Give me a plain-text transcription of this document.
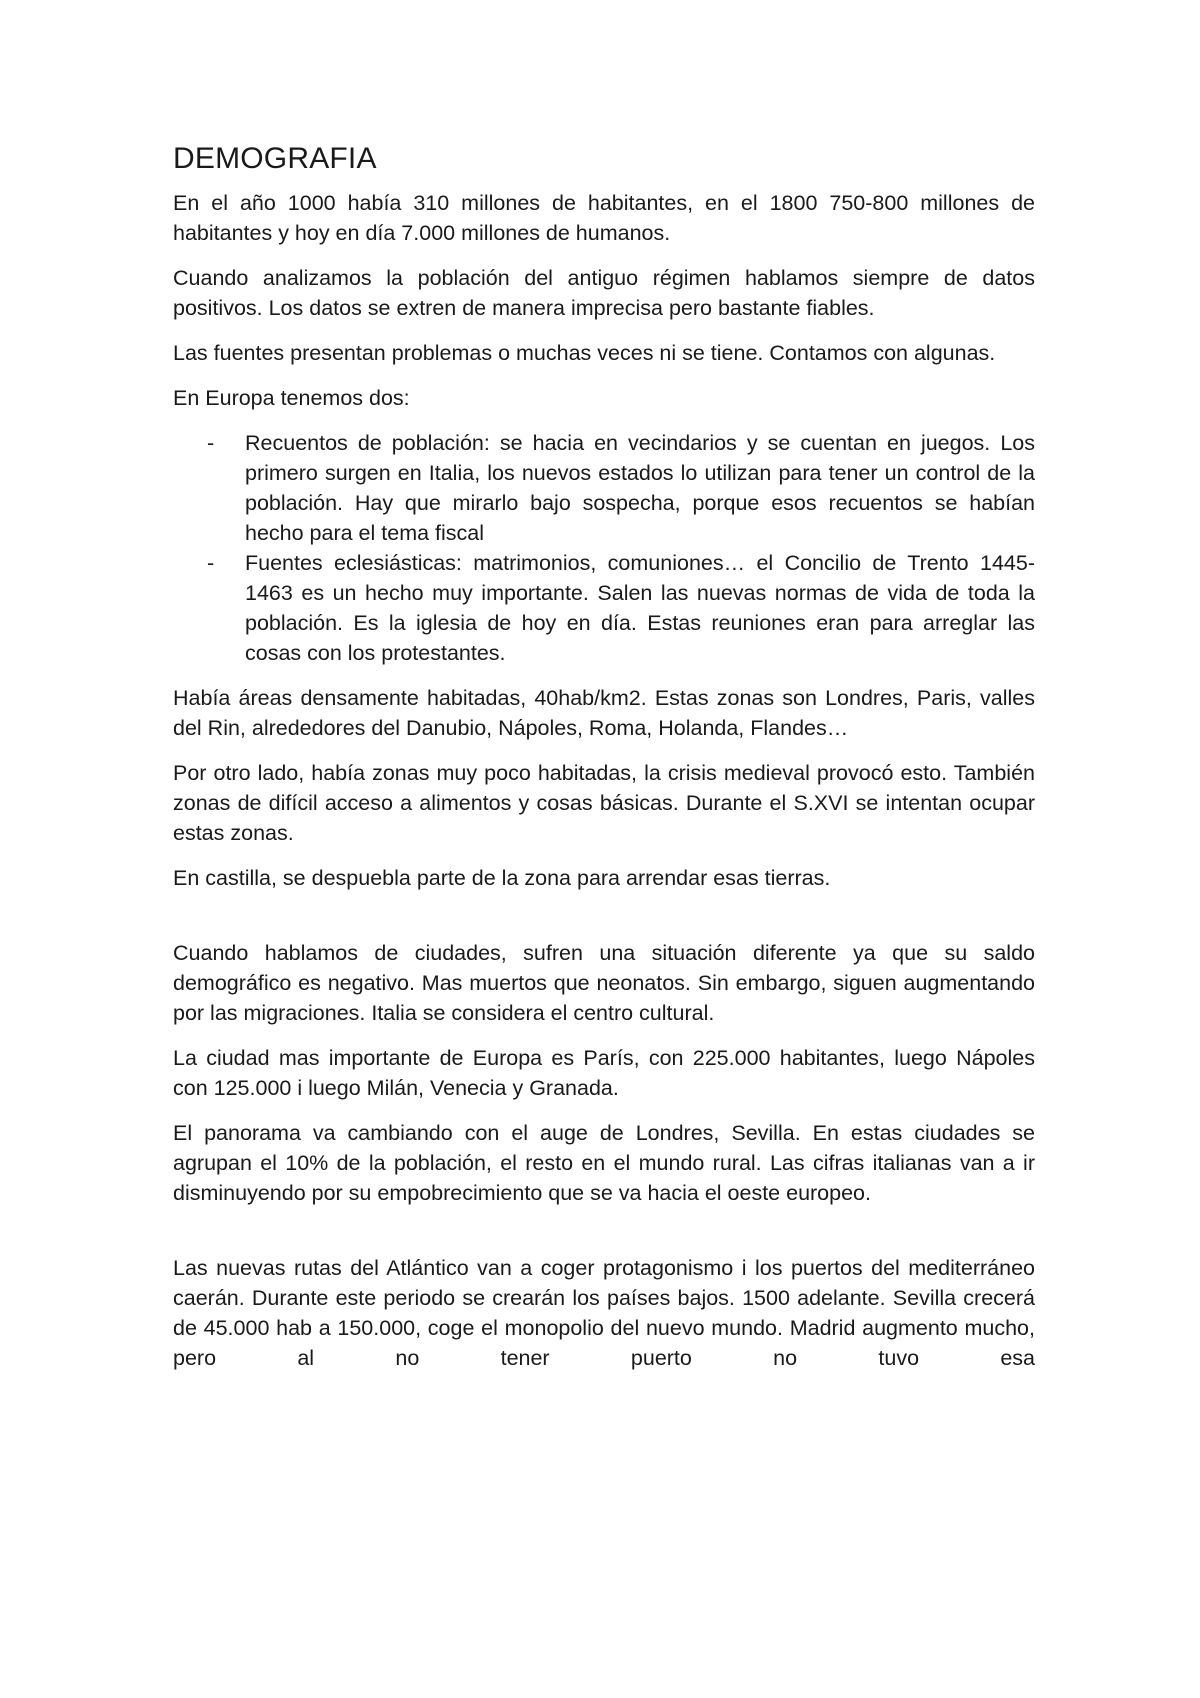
DEMOGRAFIA

En el año 1000 había 310 millones de habitantes, en el 1800 750-800 millones de habitantes y hoy en día 7.000 millones de humanos.

Cuando analizamos la población del antiguo régimen hablamos siempre de datos positivos. Los datos se extren de manera imprecisa pero bastante fiables.

Las fuentes presentan problemas o muchas veces ni se tiene. Contamos con algunas.

En Europa tenemos dos:

- Recuentos de población: se hacia en vecindarios y se cuentan en juegos. Los primero surgen en Italia, los nuevos estados lo utilizan para tener un control de la población. Hay que mirarlo bajo sospecha, porque esos recuentos se habían hecho para el tema fiscal
- Fuentes eclesiásticas: matrimonios, comuniones… el Concilio de Trento 1445-1463 es un hecho muy importante. Salen las nuevas normas de vida de toda la población. Es la iglesia de hoy en día. Estas reuniones eran para arreglar las cosas con los protestantes.

Había áreas densamente habitadas, 40hab/km2. Estas zonas son Londres, Paris, valles del Rin, alrededores del Danubio, Nápoles, Roma, Holanda, Flandes…

Por otro lado, había zonas muy poco habitadas, la crisis medieval provocó esto. También zonas de difícil acceso a alimentos y cosas básicas. Durante el S.XVI se intentan ocupar estas zonas.

En castilla, se despuebla parte de la zona para arrendar esas tierras.

Cuando hablamos de ciudades, sufren una situación diferente ya que su saldo demográfico es negativo. Mas muertos que neonatos. Sin embargo, siguen augmentando por las migraciones. Italia se considera el centro cultural.

La ciudad mas importante de Europa es París, con 225.000 habitantes, luego Nápoles con 125.000 i luego Milán, Venecia y Granada.

El panorama va cambiando con el auge de Londres, Sevilla. En estas ciudades se agrupan el 10% de la población, el resto en el mundo rural. Las cifras italianas van a ir disminuyendo por su empobrecimiento que se va hacia el oeste europeo.

Las nuevas rutas del Atlántico van a coger protagonismo i los puertos del mediterráneo caerán. Durante este periodo se crearán los países bajos. 1500 adelante. Sevilla crecerá de 45.000 hab a 150.000, coge el monopolio del nuevo mundo. Madrid augmento mucho, pero al no tener puerto no tuvo esa
